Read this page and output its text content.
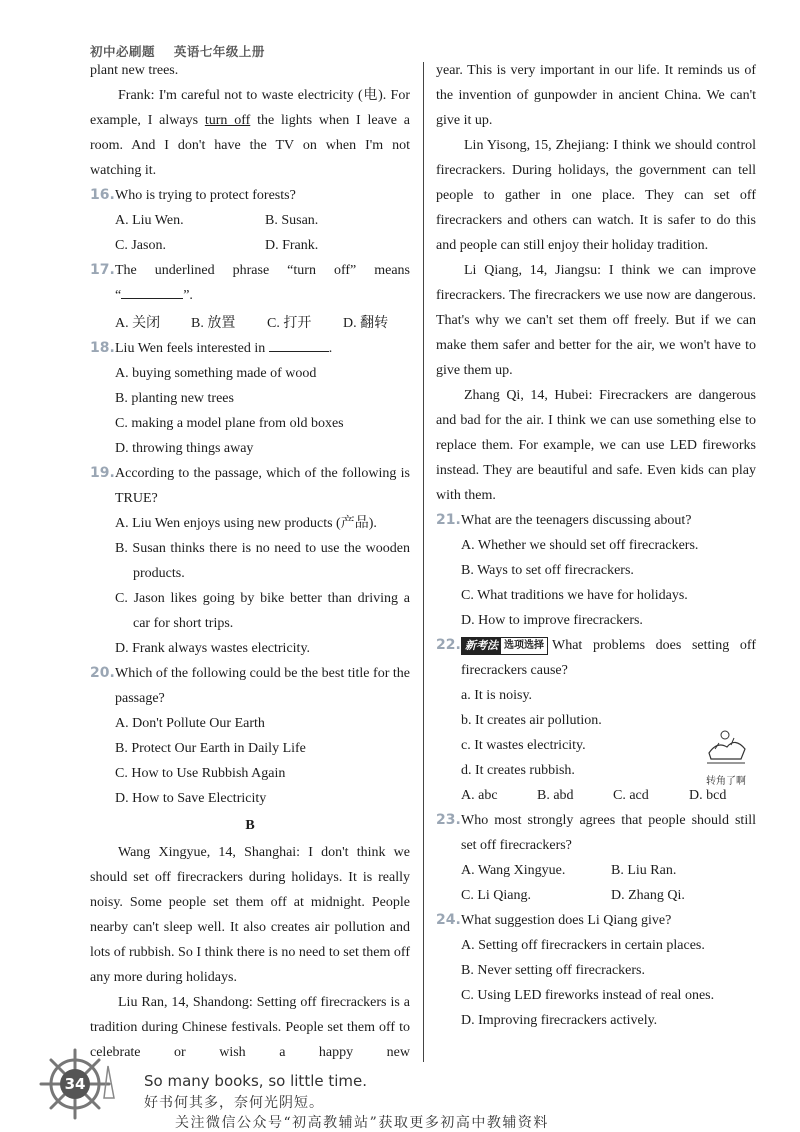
初中必刷题 英语七年级上册
plant new trees.
Frank: I'm careful not to waste electricity (电). For example, I always turn off the lights when I leave a room. And I don't have the TV on when I'm not watching it.
16. Who is trying to protect forests?
A. Liu Wen.	B. Susan.
C. Jason.	D. Frank.
17. The underlined phrase “turn off” means
“	”.
A. 关闭	B. 放置	C. 打开	D. 翻转
18. Liu Wen feels interested in	.
A. buying something made of wood
B. planting new trees
C. making a model plane from old boxes
D. throwing things away
19. According to the passage, which of the following is TRUE?
A. Liu Wen enjoys using new products (产品).
B. Susan thinks there is no need to use the wooden products.
C. Jason likes going by bike better than driving a car for short trips.
D. Frank always wastes electricity.
20. Which of the following could be the best title for the passage?
A. Don't Pollute Our Earth
B. Protect Our Earth in Daily Life
C. How to Use Rubbish Again
D. How to Save Electricity
B
Wang Xingyue, 14, Shanghai: I don't think we should set off firecrackers during holidays. It is really noisy. Some people set them off at midnight. People nearby can't sleep well. It also creates air pollution and lots of rubbish. So I think there is no need to set them off any more during holidays.
Liu Ran, 14, Shandong: Setting off firecrackers is a tradition during Chinese festivals. People set them off to celebrate or wish a happy new
year. This is very important in our life. It reminds us of the invention of gunpowder in ancient China. We can't give it up.
Lin Yisong, 15, Zhejiang: I think we should control firecrackers. During holidays, the government can tell people to gather in one place. They can set off firecrackers and others can watch. It is safer to do this and people can still enjoy their holiday tradition.
Li Qiang, 14, Jiangsu: I think we can improve firecrackers. The firecrackers we use now are dangerous. That's why we can't set them off freely. But if we can make them safer and better for the air, we won't have to give them up.
Zhang Qi, 14, Hubei: Firecrackers are dangerous and bad for the air. I think we can use something else to replace them. For example, we can use LED fireworks instead. They are beautiful and safe. Even kids can play with them.
21. What are the teenagers discussing about?
A. Whether we should set off firecrackers.
B. Ways to set off firecrackers.
C. What traditions we have for holidays.
D. How to improve firecrackers.
22. 新考法 选项选择 What problems does setting off firecrackers cause?
a. It is noisy.
b. It creates air pollution.
c. It wastes electricity.
d. It creates rubbish.
A. abc	B. abd	C. acd	D. bcd
23. Who most strongly agrees that people should still set off firecrackers?
A. Wang Xingyue.	B. Liu Ran.
C. Li Qiang.	D. Zhang Qi.
24. What suggestion does Li Qiang give?
A. Setting off firecrackers in certain places.
B. Never setting off firecrackers.
C. Using LED fireworks instead of real ones.
D. Improving firecrackers actively.
转角了啊
34	So many books, so little time.
好书何其多，奈何光阴短。
关注微信公众号“初高教辅站”获取更多初高中教辅资料
